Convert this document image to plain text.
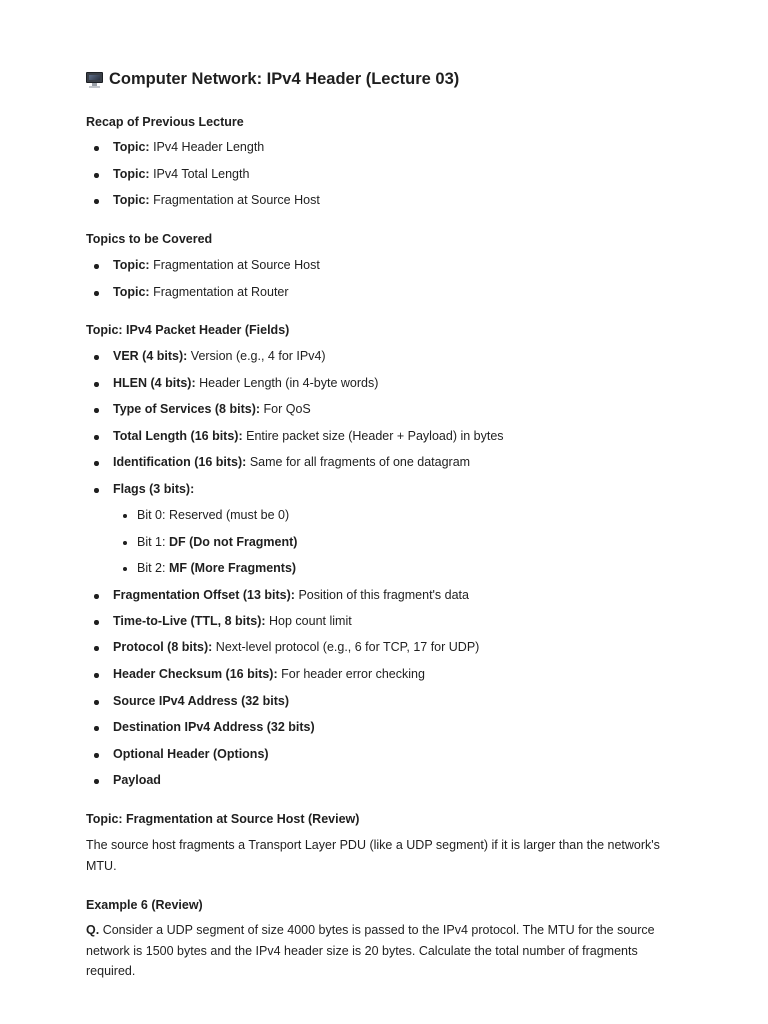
Computer Network: IPv4 Header (Lecture 03)
Recap of Previous Lecture
Topic: IPv4 Header Length
Topic: IPv4 Total Length
Topic: Fragmentation at Source Host
Topics to be Covered
Topic: Fragmentation at Source Host
Topic: Fragmentation at Router
Topic: IPv4 Packet Header (Fields)
VER (4 bits): Version (e.g., 4 for IPv4)
HLEN (4 bits): Header Length (in 4-byte words)
Type of Services (8 bits): For QoS
Total Length (16 bits): Entire packet size (Header + Payload) in bytes
Identification (16 bits): Same for all fragments of one datagram
Flags (3 bits):
Bit 0: Reserved (must be 0)
Bit 1: DF (Do not Fragment)
Bit 2: MF (More Fragments)
Fragmentation Offset (13 bits): Position of this fragment's data
Time-to-Live (TTL, 8 bits): Hop count limit
Protocol (8 bits): Next-level protocol (e.g., 6 for TCP, 17 for UDP)
Header Checksum (16 bits): For header error checking
Source IPv4 Address (32 bits)
Destination IPv4 Address (32 bits)
Optional Header (Options)
Payload
Topic: Fragmentation at Source Host (Review)
The source host fragments a Transport Layer PDU (like a UDP segment) if it is larger than the network's MTU.
Example 6 (Review)
Q. Consider a UDP segment of size 4000 bytes is passed to the IPv4 protocol. The MTU for the source network is 1500 bytes and the IPv4 header size is 20 bytes. Calculate the total number of fragments required.
